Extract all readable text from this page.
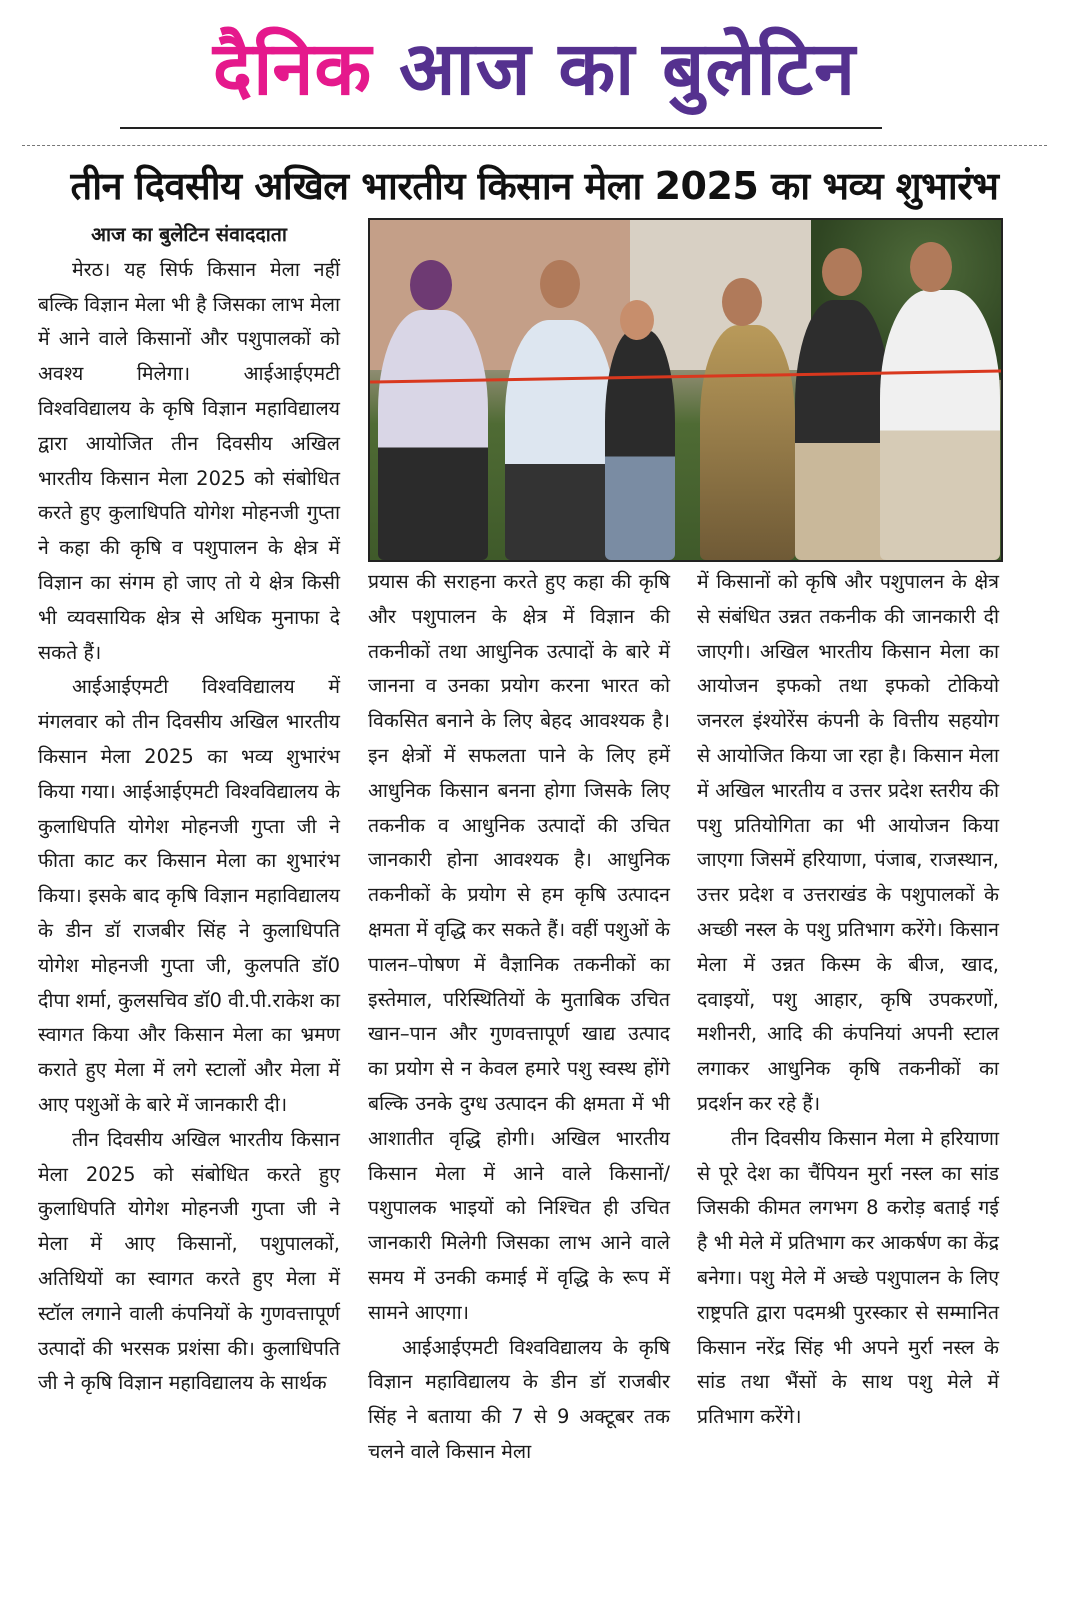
दैनिक आज का बुलेटिन
तीन दिवसीय अखिल भारतीय किसान मेला 2025 का भव्य शुभारंभ

आज का बुलेटिन संवाददाता

मेरठ। यह सिर्फ किसान मेला नहीं बल्कि विज्ञान मेला भी है जिसका लाभ मेला में आने वाले किसानों और पशुपालकों को अवश्य मिलेगा। आईआईएमटी विश्वविद्यालय के कृषि विज्ञान महाविद्यालय द्वारा आयोजित तीन दिवसीय अखिल भारतीय किसान मेला 2025 को संबोधित करते हुए कुलाधिपति योगेश मोहनजी गुप्ता ने कहा की कृषि व पशुपालन के क्षेत्र में विज्ञान का संगम हो जाए तो ये क्षेत्र किसी भी व्यवसायिक क्षेत्र से अधिक मुनाफा दे सकते हैं।

आईआईएमटी विश्वविद्यालय में मंगलवार को तीन दिवसीय अखिल भारतीय किसान मेला 2025 का भव्य शुभारंभ किया गया। आईआईएमटी विश्वविद्यालय के कुलाधिपति योगेश मोहनजी गुप्ता जी ने फीता काट कर किसान मेला का शुभारंभ किया। इसके बाद कृषि विज्ञान महाविद्यालय के डीन डॉ राजबीर सिंह ने कुलाधिपति योगेश मोहनजी गुप्ता जी, कुलपति डॉ0 दीपा शर्मा, कुलसचिव डॉ0 वी.पी.राकेश का स्वागत किया और किसान मेला का भ्रमण कराते हुए मेला में लगे स्टालों और मेला में आए पशुओं के बारे में जानकारी दी।

तीन दिवसीय अखिल भारतीय किसान मेला 2025 को संबोधित करते हुए कुलाधिपति योगेश मोहनजी गुप्ता जी ने मेला में आए किसानों, पशुपालकों, अतिथियों का स्वागत करते हुए मेला में स्टॉल लगाने वाली कंपनियों के गुणवत्तापूर्ण उत्पादों की भरसक प्रशंसा की। कुलाधिपति जी ने कृषि विज्ञान महाविद्यालय के सार्थक

प्रयास की सराहना करते हुए कहा की कृषि और पशुपालन के क्षेत्र में विज्ञान की तकनीकों तथा आधुनिक उत्पादों के बारे में जानना व उनका प्रयोग करना भारत को विकसित बनाने के लिए बेहद आवश्यक है। इन क्षेत्रों में सफलता पाने के लिए हमें आधुनिक किसान बनना होगा जिसके लिए तकनीक व आधुनिक उत्पादों की उचित जानकारी होना आवश्यक है। आधुनिक तकनीकों के प्रयोग से हम कृषि उत्पादन क्षमता में वृद्धि कर सकते हैं। वहीं पशुओं के पालन–पोषण में वैज्ञानिक तकनीकों का इस्तेमाल, परिस्थितियों के मुताबिक उचित खान–पान और गुणवत्तापूर्ण खाद्य उत्पाद का प्रयोग से न केवल हमारे पशु स्वस्थ होंगे बल्कि उनके दुग्ध उत्पादन की क्षमता में भी आशातीत वृद्धि होगी। अखिल भारतीय किसान मेला में आने वाले किसानों/पशुपालक भाइयों को निश्चित ही उचित जानकारी मिलेगी जिसका लाभ आने वाले समय में उनकी कमाई में वृद्धि के रूप में सामने आएगा।

आईआईएमटी विश्वविद्यालय के कृषि विज्ञान महाविद्यालय के डीन डॉ राजबीर सिंह ने बताया की 7 से 9 अक्टूबर तक चलने वाले किसान मेला

में किसानों को कृषि और पशुपालन के क्षेत्र से संबंधित उन्नत तकनीक की जानकारी दी जाएगी। अखिल भारतीय किसान मेला का आयोजन इफको तथा इफको टोकियो जनरल इंश्योरेंस कंपनी के वित्तीय सहयोग से आयोजित किया जा रहा है। किसान मेला में अखिल भारतीय व उत्तर प्रदेश स्तरीय की पशु प्रतियोगिता का भी आयोजन किया जाएगा जिसमें हरियाणा, पंजाब, राजस्थान, उत्तर प्रदेश व उत्तराखंड के पशुपालकों के अच्छी नस्ल के पशु प्रतिभाग करेंगे। किसान मेला में उन्नत किस्म के बीज, खाद, दवाइयों, पशु आहार, कृषि उपकरणों, मशीनरी, आदि की कंपनियां अपनी स्टाल लगाकर आधुनिक कृषि तकनीकों का प्रदर्शन कर रहे हैं।

तीन दिवसीय किसान मेला मे हरियाणा से पूरे देश का चैंपियन मुर्रा नस्ल का सांड जिसकी कीमत लगभग 8 करोड़ बताई गई है भी मेले में प्रतिभाग कर आकर्षण का केंद्र बनेगा। पशु मेले में अच्छे पशुपालन के लिए राष्ट्रपति द्वारा पदमश्री पुरस्कार से सम्मानित किसान नरेंद्र सिंह भी अपने मुर्रा नस्ल के सांड तथा भैंसों के साथ पशु मेले में प्रतिभाग करेंगे।
